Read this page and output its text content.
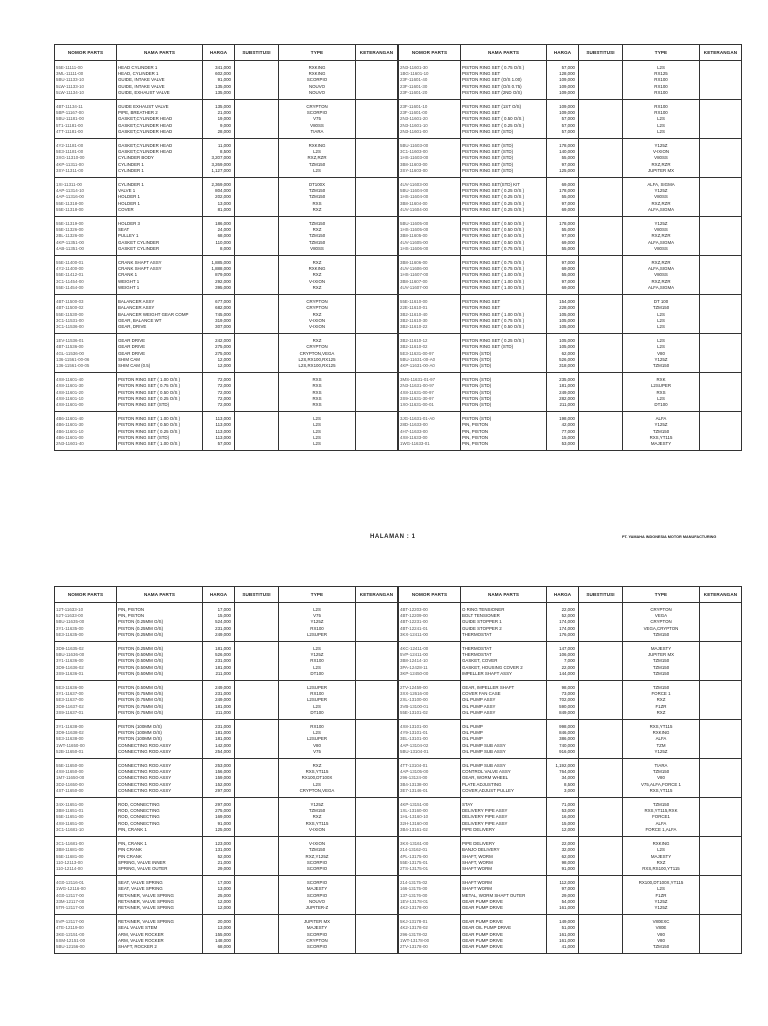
NOMOR PARTS	NAMA PARTS	HARGA	SUBSTITUSI	TYPE	KETERANGAN
55E-11111-00	HEAD CYLINDER 1	341,000		RXKING	
3ML-11111-00	HEAD, CYLINDER 1	602,000		RXKING	
5BU-11133-10	GUIDE, INTAKE VALVE	91,000		SCORPIO	
5LW-11133-10	GUIDE, INTAKE VALVE	135,000		NOUVO	
5LW-11134-10	GUIDE, EXHAUST VALVE	135,000		NOUVO	
4BT-11134-11	GUIDE EXHAUST VALVE	135,000		CRYPTON	
5BP-11167-00	PIPE, BREATHER 2	21,000		SCORPIO	
5BU-11181-00	GASKET,CYLINDER HEAD	19,000		V75	
5T1-11181-00	GASKET,CYLINDER HEAD	9,000		V80SS	
4TT-11181-00	GASKET,CYLINDER HEAD	28,000		TIARA	
4Y2-11181-00	GASKET,CYLINDER HEAD	11,000		RXKING	
5E3-11181-00	GASKET,CYLINDER HEAD	8,500		L2S	
3XG-11310-00	CYLINDER BODY	3,207,000		RXZ,RZR	
4KP-11311-00	CYLINDER 1	3,269,000		TZM150	
3SY-11311-00	CYLINDER 1	1,127,000		L2S	
1XI-11311-00	CYLINDER 1	2,369,000		DT100X	
4AP-11314-10	VALVE 1	804,000		TZM150	
4AP-11316-00	HOLDER 1	202,000		TZM150	
55E-11318-00	HOLDER 1	13,000		RXS	
55E-11318-00	COVER	81,000		RXZ	
55E-11319-00	HOLDER 3	186,000		TZM150	
55E-11326-00	SEAT	24,000		RXZ	
2BL-11326-00	PULLEY 1	68,000		TZM150	
4KP-11351-00	GASKET CYLINDER	110,000		TZM150	
4AB-11351-00	GASKET CYLINDER	8,000		V80SS	
55E-11400-01	CRANK SHAFT ASSY	1,885,000		RXZ	
4Y2-11400-00	CRANK SHAFT ASSY	1,888,000		RXKING	
55E-11412-01	CRANK 1	879,000		RXZ	
3C1-11454-00	WEIGHT 1	292,000		V-IXION	
55E-11454-00	WEIGHT 1	395,000		RXZ	
4BT-11500-03	BALANCER ASSY	677,000		CRYPTON	
4BT-11500-02	BALANCER ASSY	682,000		CRYPTON	
55E-11530-00	BALANCER WEIGHT GEAR COMP	745,000		RXZ	
3C1-11531-00	GEAR, BALANCE WT	319,000		V-IXION	
3C1-11536-00	GEAR, DRIVE	307,000		V-IXION	
1EV-11536-01	GEAR DRIVE	242,000		RXZ	
4BT-11536-00	GEAR DRIVE	275,000		CRYPTON	
4GL-11536-00	GEAR DRIVE	275,000		CRYPTON,VEGA	
136-11561-00-06	SHIM CAM	12,000		L2S,RX100,RX125	
136-11561-00-05	SHIM CAM (0.5)	12,000		L2S,RX100,RX125	
4X8-11601-40	PISTON RING SET ( 1.00 O/S )	72,000		RXS	
4X8-11601-30	PISTON RING SET ( 0.75 O/S )	72,000		RXS	
4X8-11601-20	PISTON RING SET ( 0.50 O/S )	72,000		RXS	
4X8-11601-10	PISTON RING SET ( 0.25 O/S )	72,000		RXS	
4X8-11601-00	PISTON RING SET (STD)	72,000		RXS	
4B6-11601-40	PISTON RING SET ( 1.00 O/S )	113,000		L2S	
4B6-11601-30	PISTON RING SET ( 0.50 O/S )	113,000		L2S	
4B6-11601-10	PISTON RING SET ( 0.25 O/S )	113,000		L2S	
4B6-11601-00	PISTON RING SET (STD)	113,000		L2S	
2N3-11601-40	PISTON RING SET ( 1.00 O/S )	57,000		L2S	
NOMOR PARTS	NAMA PARTS	HARGA	SUBSTITUSI	TYPE	KETERANGAN
2N3-11601-30	PISTON RING SET ( 0.75 O/S )	57,000		L2S	
1BG-11601-10	PISTON RING SET	128,000		RX125	
23F-11601-40	PISTON RING SET (O/S 1.00)	109,000		RX100	
23F-11601-30	PISTON RING SET (O/S 0.75)	109,000		RX100	
23F-11601-20	PISTON RING SET (2ND O/S)	109,000		RX100	
23F-11601-10	PISTON RING SET (1ST O/S)	109,000		RX100	
23F-11601-00	PISTON RING SET	109,000		RX100	
2N3-11601-20	PISTON RING SET ( 0.50 O/S )	57,000		L2S	
2N3-11601-10	PISTON RING SET ( 0.25 O/S )	57,000		L2S	
2N3-11601-00	PISTON RING SET (STD)	57,000		L2S	
5BU-11603-00	PISTON RING SET (STD)	178,000		Y125Z	
3C1-11603-00	PISTON RING SET (STD)	140,000		V-IXION	
1HS-11603-00	PISTON RING SET (STD)	55,000		V80SS	
3B8-11603-00	PISTON RING SET (STD)	97,000		RXZ,RZR	
3SY-11603-00	PISTON RING SET (STD)	125,000		JUPITER MX	
4UV-11603-00	PISTON RING SET(STD) KIT	69,000		ALFA, SIGMA	
5BU-11604-00	PISTON RING SET ( 0.25 O/S )	178,000		Y125Z	
1HS-11604-00	PISTON RING SET ( 0.25 O/S )	55,000		V80SS	
3B8-11604-00	PISTON RING SET ( 0.25 O/S )	97,000		RXZ,RZR	
4UV-11604-00	PISTON RING SET ( 0.25 O/S )	69,000		ALFA,SIGMA	
5BU-11605-00	PISTON RING SET ( 0.50 O/S )	178,000		Y125Z	
1HS-11605-00	PISTON RING SET ( 0.50 O/S )	55,000		V80SS	
3B8-11605-00	PISTON RING SET ( 0.50 O/S )	97,000		RXZ,RZR	
4UV-11605-00	PISTON RING SET ( 0.50 O/S )	69,000		ALFA,SIGMA	
1HS-11606-00	PISTON RING SET ( 0.75 O/S )	55,000		V80SS	
3B8-11606-00	PISTON RING SET ( 0.75 O/S )	97,000		RXZ,RZR	
4UV-11606-00	PISTON RING SET ( 0.75 O/S )	69,000		ALFA,SIGMA	
1HS-11607-00	PISTON RING SET ( 1.00 O/S )	55,000		V80SS	
3B8-11607-00	PISTON RING SET ( 1.00 O/S )	97,000		RXZ,RZR	
4UV-11607-00	PISTON RING SET ( 1.00 O/S )	69,000		ALFA,SIGMA	
55E-11610-00	PISTON RING SET	154,000		DT 100	
22E-11610-01	PISTON RING SET	228,000		TZM150	
3B2-11610-40	PISTON RING SET ( 1.00 O/S )	105,000		L2S	
3B2-11610-30	PISTON RING SET ( 0.75 O/S )	105,000		L2S	
3B2-11610-22	PISTON RING SET ( 0.50 O/S )	105,000		L2S	
3B2-11610-12	PISTON RING SET ( 0.25 O/S )	105,000		L2S	
3B2-11610-02	PISTON RING SET (STD)	105,000		L2S	
5E3-11631-00-97	PISTON (STD)	62,000		V80	
5BU-11631-00-A0	PISTON (STD)	526,000		Y125Z	
4KP-11631-00-A0	PISTON (STD)	318,000		TZM150	
3MS-11631-01-97	PISTON (STD)	235,000		RXK	
2N3-11631-00-97	PISTON (STD)	181,000		L2SUPER	
4X8-11631-00-97	PISTON (STD)	249,000		RXS	
3S9-11631-30-97	PISTON (STD)	282,000		L2S	
1X0-11631-00-01	PISTON (STD)	211,000		DT100	
3JG-11631-01-A0	PISTON (STD)	198,000		ALFA	
28D-11633-00	PIN, PISTON	42,000		Y125Z	
4H7-11633-00	PIN, PISTON	77,000		TZM150	
4X8-11633-00	PIN, PISTON	15,000		RXS,YT115	
1WG-11633-01	PIN, PISTON	53,000		MAJESTY	
HALAMAN : 1	PT. YAMAHA INDONESIA MOTOR MANUFACTURING
NOMOR PARTS	NAMA PARTS	HARGA	SUBSTITUSI	TYPE	KETERANGAN
12T-11633-10	PIN, PISTON	17,000		L2S	
52T-11633-00	PIN, PISTON	15,000		V75	
5BU-11635-00	PISTON (0.25MM O/S)	524,000		Y125Z	
3Y1-11635-00	PISTON (0.25MM O/S)	231,000		RX100	
5E3-11635-00	PISTON (0.25MM O/S)	249,000		L2SUPER	
3D9-11635-02	PISTON (0.25MM O/S)	181,000		L2S	
5BU-11636-00	PISTON (0.50MM O/S)	526,000		Y125Z	
3Y1-11636-00	PISTON (0.50MM O/S)	231,000		RX100	
3D9-11636-02	PISTON (0.50MM O/S)	181,000		L2S	
3S9-11636-01	PISTON (0.50MM O/S)	211,000		DT100	
5E3-11636-00	PISTON (0.50MM O/S)	249,000		L2SUPER	
3Y1-11637-00	PISTON (0.75MM O/S)	231,000		RX100	
5E3-11637-00	PISTON (0.75MM O/S)	249,000		L2SUPER	
3D9-11637-02	PISTON (0.75MM O/S)	181,000		L2S	
3S9-11637-01	PISTON (0.75MM O/S)	211,000		DT100	
3Y1-11638-00	PISTON (100MM O/S)	231,000		RX100	
3D9-11638-02	PISTON (100MM O/S)	181,000		L2S	
5E3-11638-00	PISTON (100MM O/S)	181,000		L2SUPER	
1WT-11650-00	CONNECTING ROD ASSY	142,000		V80	
52B-11650-01	CONNECTING ROD ASSY	254,000		V75	
55E-11650-00	CONNECTING ROD ASSY	253,000		RXZ	
4X8-11650-00	CONNECTING ROD ASSY	156,000		RXS,YT115	
1M7-11650-00	CONNECTING ROD ASSY	159,000		RX100,DT100X	
3D2-11650-00	CONNECTING ROD ASSY	152,000		L2S	
4ST-11650-00	CONNECTING ROD ASSY	297,000		CRYPTON,VEGA	
34X-11651-00	ROD, CONNECTING	297,000		Y125Z	
3B8-11651-01	ROD, CONNECTING	275,000		TZM150	
55E-11651-00	ROD, CONNECTING	169,000		RXZ	
4X8-11651-00	ROD, CONNECTING	91,000		RXS,YT115	
3C1-11681-10	PIN, CRANK 1	125,000		V-IXION	
3C1-11681-00	PIN, CRANK 1	123,000		V-IXION	
3B8-11681-00	PIN CRANK	131,000		TZM150	
55E-11681-00	PIN CRANK	52,000		RXZ,Y125Z	
110-12113-00	SPRING, VALVE INNER	21,000		SCORPIO	
110-12114-00	SPRING, VALVE OUTER	29,000		SCORPIO	
4G0-12116-01	SEAT, VALVE SPRING	17,000		SCORPIO	
1WG-12116-00	SEAT, VALVE SPRING	13,000		MAJESTY	
4G0-12117-00	RETAINER, VALVE SPRING	25,000		SCORPIO	
33M-12117-00	RETAINER, VALVE SPRING	12,000		NOUVO	
5TR-12117-00	RETAINER, VALVE SPRING	12,000		JUPITER-Z	
5VP-12117-00	RETAINER, VALVE SPRING	20,000		JUPITER MX	
4TE-12119-00	SEAL VALVE STEM	13,000		MAJESTY	
3KE-12151-00	ARM, VALVE ROCKER	155,000		SCORPIO	
5SM-12151-00	ARM, VALVE ROCKER	148,000		CRYPTON	
5BU-12156-00	SHAFT, ROCKER 2	68,000		SCORPIO	
NOMOR PARTS	NAMA PARTS	HARGA	SUBSTITUSI	TYPE	KETERANGAN
4BT-12203-00	O RING TENSIONER	22,000		CRYPTON	
4BT-12209-00	BOLT TENSIONER	52,000		VEGA	
4BT-12231-00	GUIDE STOPPER 1	174,000		CRYPTON	
4BT-12241-01	GUIDE STOPPER 2	174,000		VEGA,CRYPTON	
3KX-12411-00	THERMOSTAT	176,000		TZM150	
4KC-12411-00	THERMOSTAT	147,000		MAJESTY	
5VP-12411-00	THERMOSTAT	106,000		JUPITER MX	
3B8-12414-10	GASKET, COVER	7,000		TZM150	
3PA-12428-11	GASKET, HOUSING COVER 2	22,000		TZM150	
3KP-12450-00	IMPELLER SHAFT ASSY	144,000		TZM150	
2TV-12459-00	GEAR, IMPELLER SHAFT	98,000		TZM150	
3XX-12616-00	COVER FAN CASE	73,000		FORCE 1	
2XL-13100-00	OIL PUMP ASSY	702,000		RXZ	
3VB-13100-01	OIL PUMP ASSY	590,000		F1ZR	
55E-13101-02	OIL PUMP ASSY	849,000		RXZ	
4X8-13101-00	OIL PUMP	998,000		RXS,YT115	
4Y9-13101-01	OIL PUMP	846,000		RXKING	
3EL-13101-00	OIL PUMP	386,000		ALFA	
4AP-13104-02	OIL PUMP SUB ASSY	740,000		TZM	
5BU-13104-01	OIL PUMP SUB ASSY	916,000		Y125Z	
4TT-13104-01	OIL PUMP SUB ASSY	1,192,000		TIARA	
4AP-13105-00	CONTROL VALVE ASSY	764,000		TZM150	
296-13124-00	GEAR, WORM WHEEL	34,000		V80	
3B4-13138-00	PLATE ADJUSTING	8,500		V75,ALFA,FORCE 1	
3E7-13146-01	COVER,ADJUST PULLEY	3,000		RXS,YT115	
4KP-13151-00	STAY	71,000		TZM150	
1XL-13160-00	DELIVERY PIPE ASSY	53,000		RXS,YT115,RXK	
1HL-13160-10	DELIVERY PIPE ASSY	16,000		FORCE1	
32H-13160-00	DELIVERY PIPE ASSY	15,000		ALFA	
3B4-13161-02	PIPE DELIVERY	12,000		FORCE 1,ALFA	
3KX-13161-00	PIPE DELIVERY	22,000		RXKING	
214-13162-01	BANJO DELIVERY	32,000		L2S	
4PL-13175-00	SHAFT, WORM	62,000		MAJESTY	
55E-13175-01	SHAFT, WORM	98,000		RXZ	
2TS-13175-01	SHAFT WORM	91,000		RXS,RS100,YT115	
214-13175-02	SHAFT WORM	112,000		RX100,DT100X,YT115	
166-13175-00	SHAFT WORM	97,000		L2S	
137-13176-00	METAL, WORM SHAFT OUTER	29,000		F1ZR	
1EV-13178-01	GEAR PUMP DRIVE	54,000		Y125Z	
4K2-13178-00	GEAR PUMP DRIVE	161,000		Y125Z	
5KJ-13178-01	GEAR PUMP DRIVE	149,000		V80EXC	
4K2-13178-02	GEAR OIL PUMP DRIVE	51,000		V80E	
296-13178-02	GEAR PUMP DRIVE	161,000		V80	
1WT-13178-00	GEAR PUMP DRIVE	161,000		V80	
2TV-13178-00	GEAR PUMP DRIVE	41,000		TZM150	
